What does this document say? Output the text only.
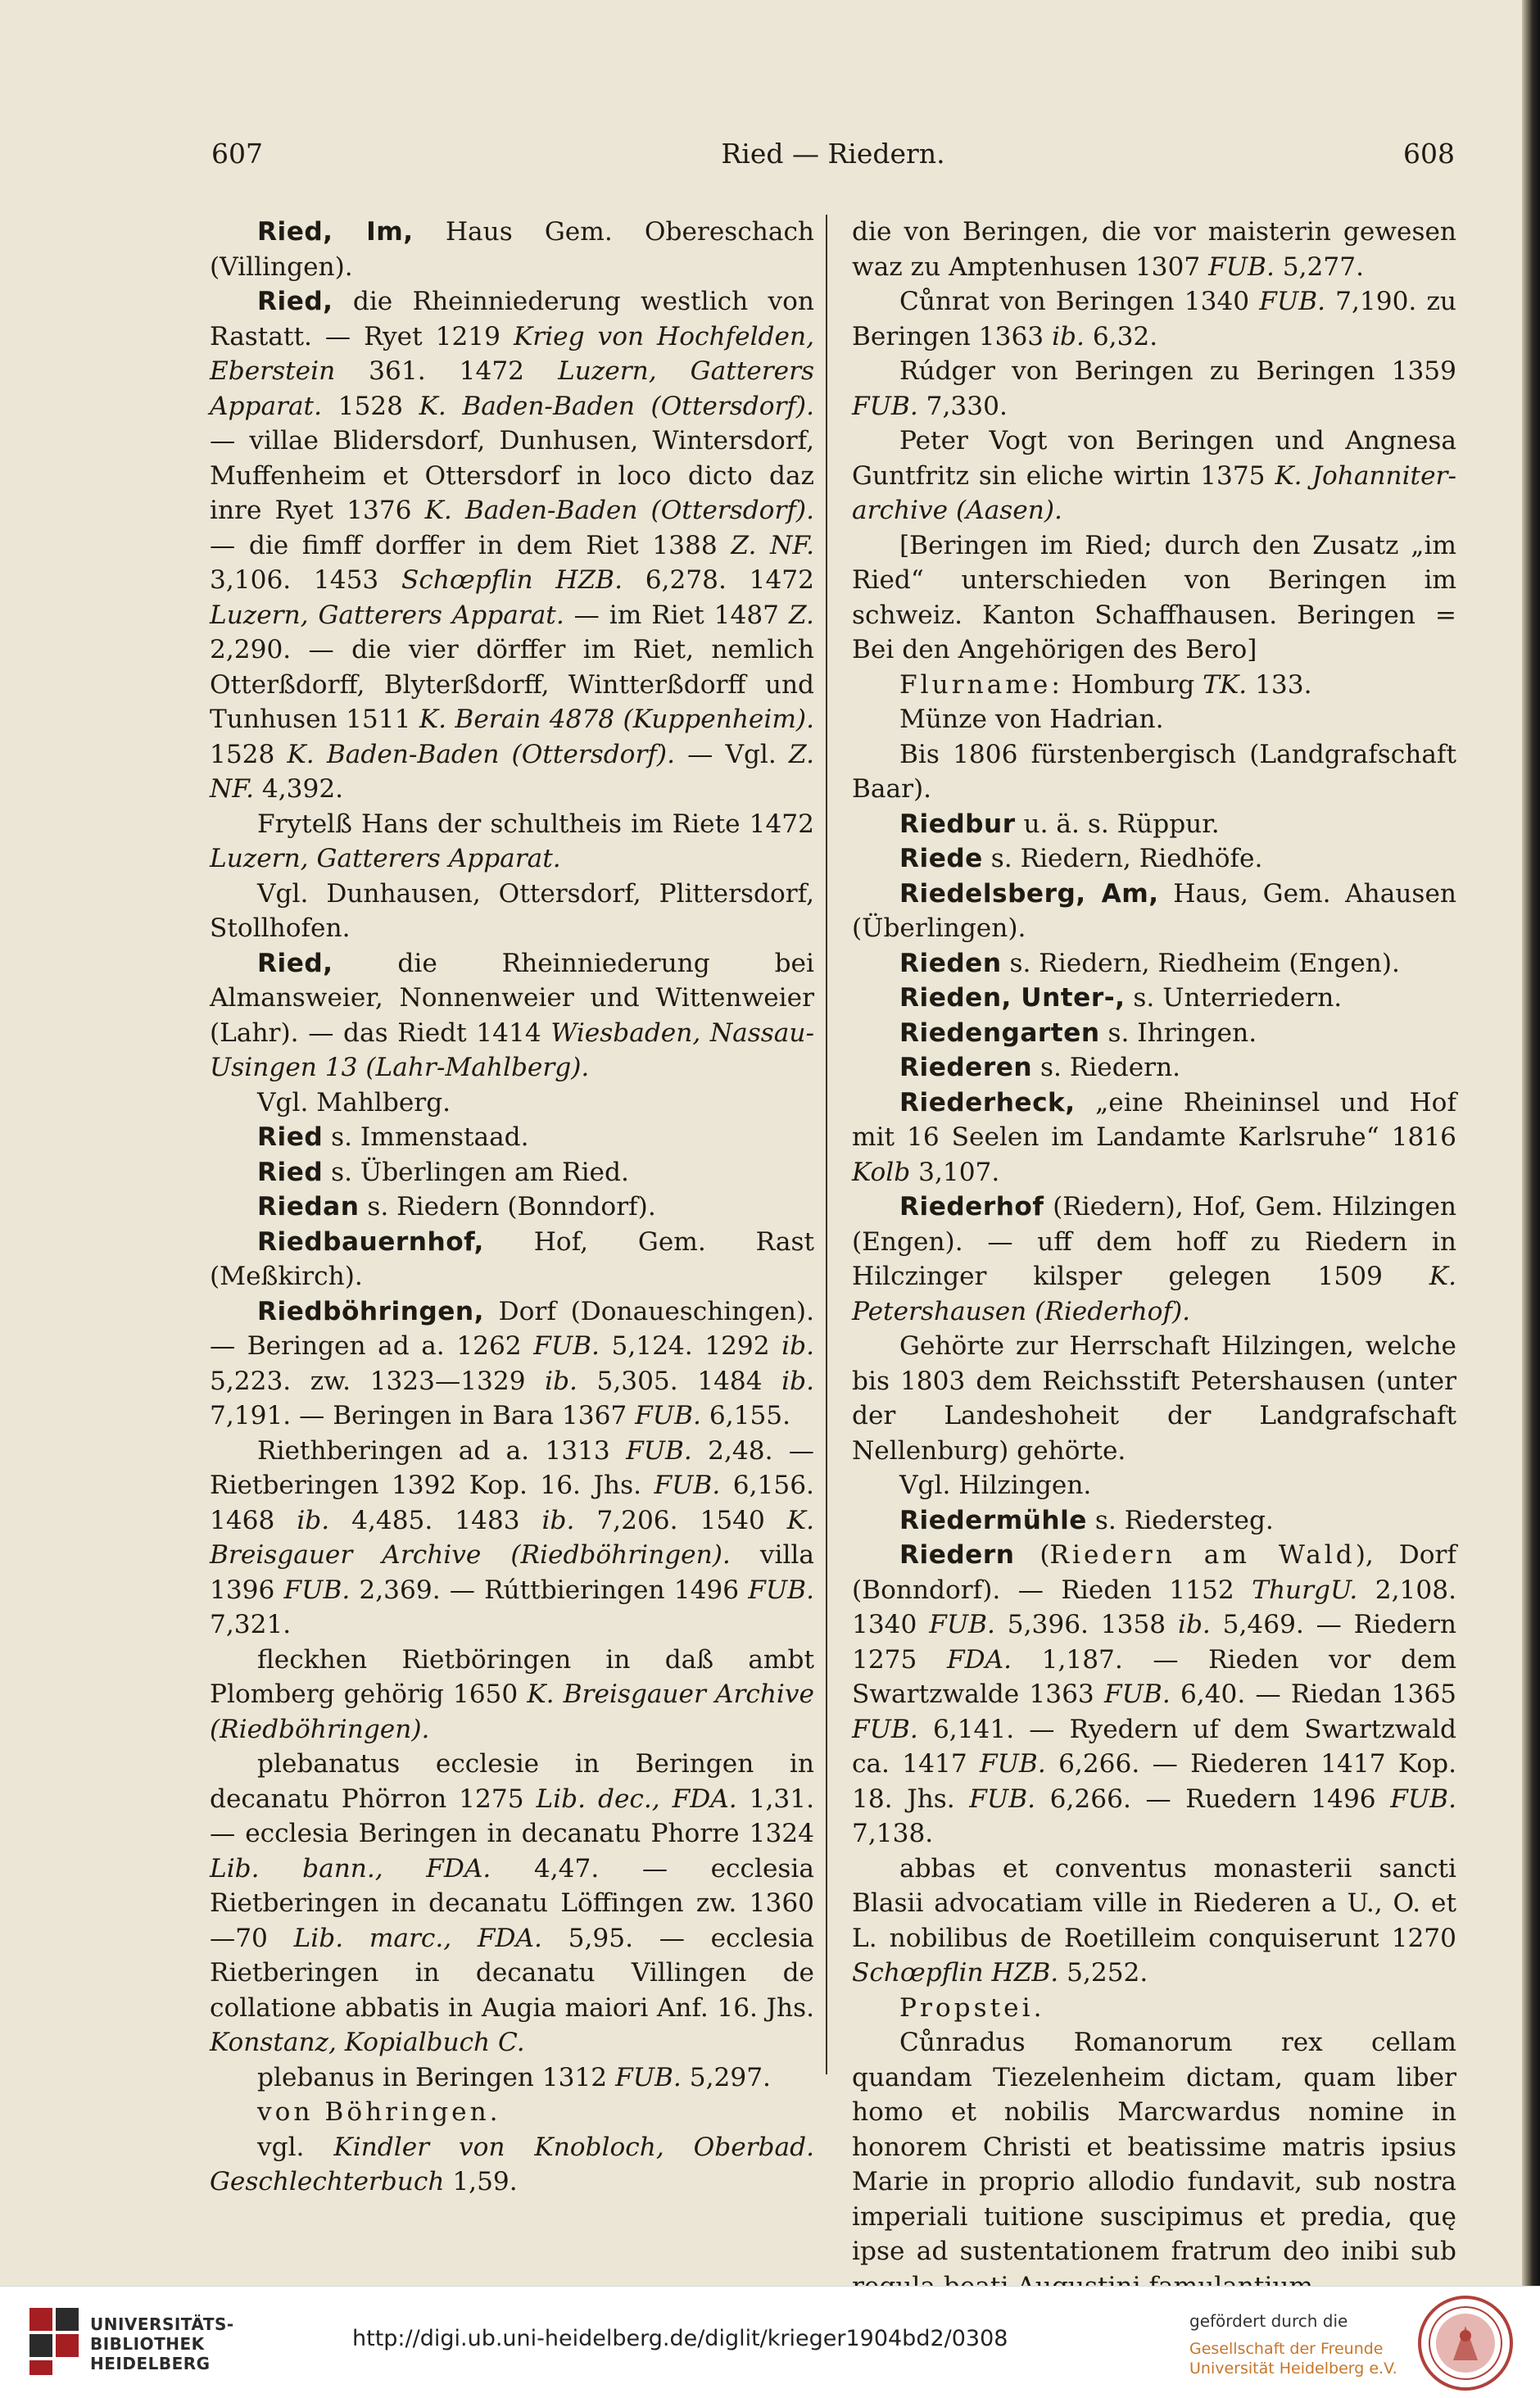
607	Ried — Riedern.	608

Ried, Im, Haus Gem. Obereschach (Villingen).

Ried, die Rheinniederung westlich von Rastatt. — Ryet 1219 Krieg von Hochfelden, Eberstein 361. 1472 Luzern, Gatterers Apparat. 1528 K. Baden-Baden (Ottersdorf). — villae Blidersdorf, Dunhusen, Wintersdorf, Muffenheim et Ottersdorf in loco dicto daz inre Ryet 1376 K. Baden-Baden (Ottersdorf). — die fimff dorffer in dem Riet 1388 Z. NF. 3,106. 1453 Schœpflin HZB. 6,278. 1472 Luzern, Gatterers Apparat. — im Riet 1487 Z. 2,290. — die vier dörffer im Riet, nemlich Otterßdorff, Blyterßdorff, Wintterßdorff und Tunhusen 1511 K. Berain 4878 (Kuppenheim). 1528 K. Baden-Baden (Ottersdorf). — Vgl. Z. NF. 4,392.

Frytelß Hans der schultheis im Riete 1472 Luzern, Gatterers Apparat.

Vgl. Dunhausen, Ottersdorf, Plittersdorf, Stollhofen.

Ried, die Rheinniederung bei Almansweier, Nonnenweier und Wittenweier (Lahr). — das Riedt 1414 Wiesbaden, Nassau-Usingen 13 (Lahr-Mahlberg).

Vgl. Mahlberg.

Ried s. Immenstaad.

Ried s. Überlingen am Ried.

Riedan s. Riedern (Bonndorf).

Riedbauernhof, Hof, Gem. Rast (Meßkirch).

Riedböhringen, Dorf (Donaueschingen). — Beringen ad a. 1262 FUB. 5,124. 1292 ib. 5,223. zw. 1323—1329 ib. 5,305. 1484 ib. 7,191. — Beringen in Bara 1367 FUB. 6,155.

Riethberingen ad a. 1313 FUB. 2,48. — Rietberingen 1392 Kop. 16. Jhs. FUB. 6,156. 1468 ib. 4,485. 1483 ib. 7,206. 1540 K. Breisgauer Archive (Riedböhringen). villa 1396 FUB. 2,369. — Rúttbieringen 1496 FUB. 7,321.

fleckhen Rietböringen in daß ambt Plomberg gehörig 1650 K. Breisgauer Archive (Riedböhringen).

plebanatus ecclesie in Beringen in decanatu Phörron 1275 Lib. dec., FDA. 1,31. — ecclesia Beringen in decanatu Phorre 1324 Lib. bann., FDA. 4,47. — ecclesia Rietberingen in decanatu Löffingen zw. 1360—70 Lib. marc., FDA. 5,95. — ecclesia Rietberingen in decanatu Villingen de collatione abbatis in Augia maiori Anf. 16. Jhs. Konstanz, Kopialbuch C.

plebanus in Beringen 1312 FUB. 5,297.

von Böhringen.

vgl. Kindler von Knobloch, Oberbad. Geschlechterbuch 1,59.

die von Beringen, die vor maisterin gewesen waz zu Amptenhusen 1307 FUB. 5,277.

Cůnrat von Beringen 1340 FUB. 7,190. zu Beringen 1363 ib. 6,32.

Rúdger von Beringen zu Beringen 1359 FUB. 7,330.

Peter Vogt von Beringen und Angnesa Guntfritz sin eliche wirtin 1375 K. Johanniter-archive (Aasen).

[Beringen im Ried; durch den Zusatz „im Ried“ unterschieden von Beringen im schweiz. Kanton Schaffhausen. Beringen = Bei den Angehörigen des Bero]

Flurname: Homburg TK. 133.

Münze von Hadrian.

Bis 1806 fürstenbergisch (Landgrafschaft Baar).

Riedbur u. ä. s. Rüppur.

Riede s. Riedern, Riedhöfe.

Riedelsberg, Am, Haus, Gem. Ahausen (Überlingen).

Rieden s. Riedern, Riedheim (Engen).

Rieden, Unter-, s. Unterriedern.

Riedengarten s. Ihringen.

Riederen s. Riedern.

Riederheck, „eine Rheininsel und Hof mit 16 Seelen im Landamte Karlsruhe“ 1816 Kolb 3,107.

Riederhof (Riedern), Hof, Gem. Hilzingen (Engen). — uff dem hoff zu Riedern in Hilczinger kilsper gelegen 1509 K. Petershausen (Riederhof).

Gehörte zur Herrschaft Hilzingen, welche bis 1803 dem Reichsstift Petershausen (unter der Landeshoheit der Landgrafschaft Nellenburg) gehörte.

Vgl. Hilzingen.

Riedermühle s. Riedersteg.

Riedern (Riedern am Wald), Dorf (Bonndorf). — Rieden 1152 ThurgU. 2,108. 1340 FUB. 5,396. 1358 ib. 5,469. — Riedern 1275 FDA. 1,187. — Rieden vor dem Swartzwalde 1363 FUB. 6,40. — Riedan 1365 FUB. 6,141. — Ryedern uf dem Swartzwald ca. 1417 FUB. 6,266. — Riederen 1417 Kop. 18. Jhs. FUB. 6,266. — Ruedern 1496 FUB. 7,138.

abbas et conventus monasterii sancti Blasii advocatiam ville in Riederen a U., O. et L. nobilibus de Roetilleim conquiserunt 1270 Schœpflin HZB. 5,252.

Propstei.

Cůnradus Romanorum rex cellam quandam Tiezelenheim dictam, quam liber homo et nobilis Marcwardus nomine in honorem Christi et beatissime matris ipsius Marie in proprio allodio fundavit, sub nostra imperiali tuitione suscipimus et predia, quę ipse ad sustentationem fratrum deo inibi sub

UNIVERSITÄTS-
BIBLIOTHEK
HEIDELBERG
http://digi.ub.uni-heidelberg.de/diglit/krieger1904bd2/0308
gefördert durch die
Gesellschaft der Freunde
Universität Heidelberg e.V.
